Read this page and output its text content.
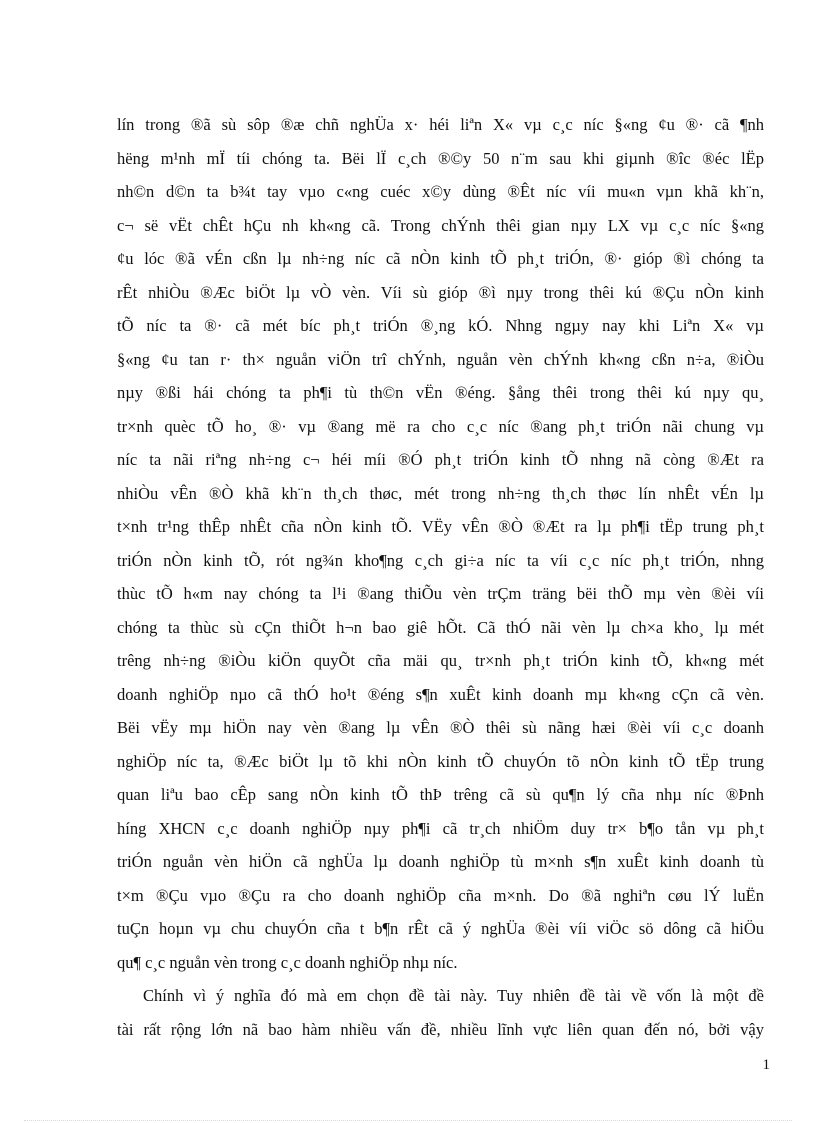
lín trong ®ã sù sôp ®æ chñ nghÜa x· héi liªn X« vµ c¸c níc §«ng ¢u ®· cã ¶nh
hëng m¹nh mÏ tíi chóng ta. Bëi lÏ c¸ch ®©y 50 n¨m sau khi giµnh ®îc ®éc lËp
nh©n d©n ta b¾t tay vµo c«ng cuéc x©y dùng ®Êt níc víi mu«n vµn khã kh¨n,
c¬ së vËt chÊt hÇu nh kh«ng cã. Trong chÝnh thêi gian nµy LX vµ c¸c níc §«ng
¢u lóc ®ã vÉn cßn lµ nh÷ng níc cã nÒn kinh tÕ ph¸t triÓn, ®· gióp ®ì chóng ta
rÊt nhiÒu ®Æc biÖt lµ vÒ vèn. Víi sù gióp ®ì nµy trong thêi kú ®Çu nÒn kinh
tÕ níc ta ®· cã mét bíc ph¸t triÓn ®¸ng kÓ. Nhng ngµy nay khi Liªn X« vµ
§«ng ¢u tan r· th× nguån viÖn trî chÝnh, nguån vèn chÝnh kh«ng cßn n÷a, ®iÒu
nµy ®ßi hái chóng ta ph¶i tù th©n vËn ®éng. §ång thêi trong thêi kú nµy qu¸
tr×nh quèc tÕ ho¸ ®· vµ ®ang më ra cho c¸c níc ®ang ph¸t triÓn nãi chung vµ
níc ta nãi riªng nh÷ng c¬ héi míi ®Ó ph¸t triÓn kinh tÕ nhng nã còng ®Æt ra
nhiÒu vÊn ®Ò khã kh¨n th¸ch thøc, mét trong nh÷ng th¸ch thøc lín nhÊt vÉn lµ
t×nh tr¹ng thÊp nhÊt cña nÒn kinh tÕ. VËy vÊn ®Ò ®Æt ra lµ ph¶i tËp trung ph¸t
triÓn nÒn kinh tÕ, rót ng¾n kho¶ng c¸ch gi÷a níc ta víi c¸c níc ph¸t triÓn, nhng
thùc tÕ h«m nay chóng ta l¹i ®ang thiÕu vèn trÇm träng bëi thÕ mµ vèn ®èi víi
chóng ta thùc sù cÇn thiÕt h¬n bao giê hÕt. Cã thÓ nãi vèn lµ ch×a kho¸ lµ mét
trêng nh÷ng ®iÒu kiÖn quyÕt cña mäi qu¸ tr×nh ph¸t triÓn kinh tÕ, kh«ng mét
doanh nghiÖp nµo cã thÓ ho¹t ®éng s¶n xuÊt kinh doanh mµ kh«ng cÇn cã vèn.
Bëi vËy mµ hiÖn nay vèn ®ang lµ vÊn ®Ò thêi sù nãng hæi ®èi víi c¸c doanh
nghiÖp níc ta, ®Æc biÖt lµ tõ khi nÒn kinh tÕ chuyÓn tõ nÒn kinh tÕ tËp trung
quan liªu bao cÊp sang nÒn kinh tÕ thÞ trêng cã sù qu¶n lý cña nhµ níc ®Þnh
híng XHCN c¸c doanh nghiÖp nµy ph¶i cã tr¸ch nhiÖm duy tr× b¶o tån vµ ph¸t
triÓn nguån vèn hiÖn cã nghÜa lµ doanh nghiÖp tù m×nh s¶n xuÊt kinh doanh tù
t×m ®Çu vµo ®Çu ra cho doanh nghiÖp cña m×nh. Do ®ã nghiªn cøu lÝ luËn
tuÇn hoµn vµ chu chuyÓn cña t b¶n rÊt cã ý nghÜa ®èi víi viÖc sö dông cã hiÖu
qu¶ c¸c nguån vèn trong c¸c doanh nghiÖp nhµ níc.
Chính vì ý nghĩa đó mà em chọn đề tài này. Tuy nhiên đề tài về vốn là một đề
tài rất rộng lớn nã bao hàm nhiều vấn đề, nhiều lĩnh vực liên quan đến nó, bởi vậy
1
